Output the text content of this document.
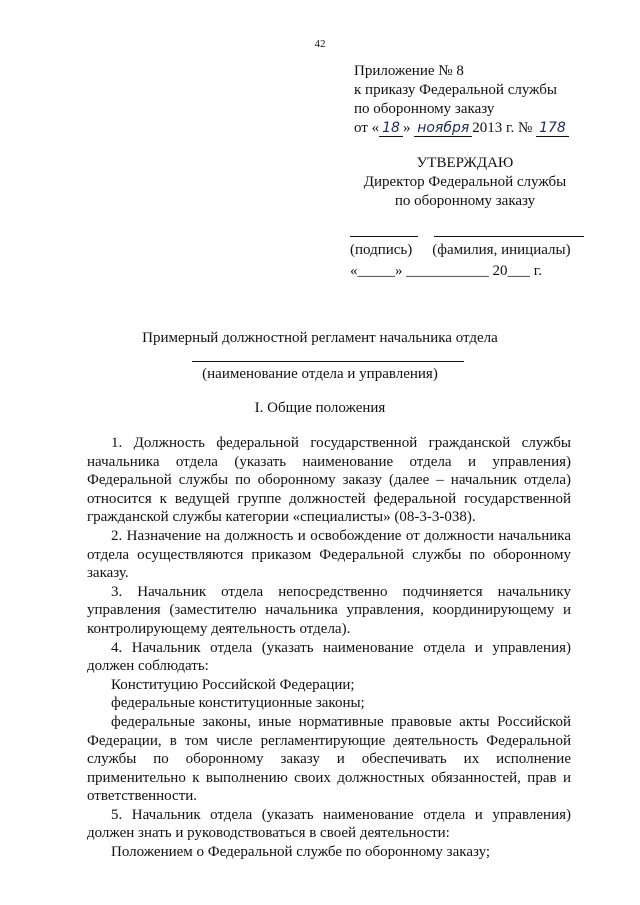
42
Приложение № 8
к приказу Федеральной службы
по оборонному заказу
от « 18 » ноября 2013 г. № 178
УТВЕРЖДАЮ
Директор Федеральной службы
по оборонному заказу
(подпись) (фамилия, инициалы)
«_____» ___________ 20___ г.
Примерный должностной регламент начальника отдела
(наименование отдела и управления)
I. Общие положения

1. Должность федеральной государственной гражданской службы начальника отдела (указать наименование отдела и управления) Федеральной службы по оборонному заказу (далее – начальник отдела) относится к ведущей группе должностей федеральной государственной гражданской службы категории «специалисты» (08-3-3-038).

2. Назначение на должность и освобождение от должности начальника отдела осуществляются приказом Федеральной службы по оборонному заказу.

3. Начальник отдела непосредственно подчиняется начальнику управления (заместителю начальника управления, координирующему и контролирующему деятельность отдела).

4. Начальник отдела (указать наименование отдела и управления) должен соблюдать:

Конституцию Российской Федерации;

федеральные конституционные законы;

федеральные законы, иные нормативные правовые акты Российской Федерации, в том числе регламентирующие деятельность Федеральной службы по оборонному заказу и обеспечивать их исполнение применительно к выполнению своих должностных обязанностей, прав и ответственности.

5. Начальник отдела (указать наименование отдела и управления) должен знать и руководствоваться в своей деятельности:

Положением о Федеральной службе по оборонному заказу;
